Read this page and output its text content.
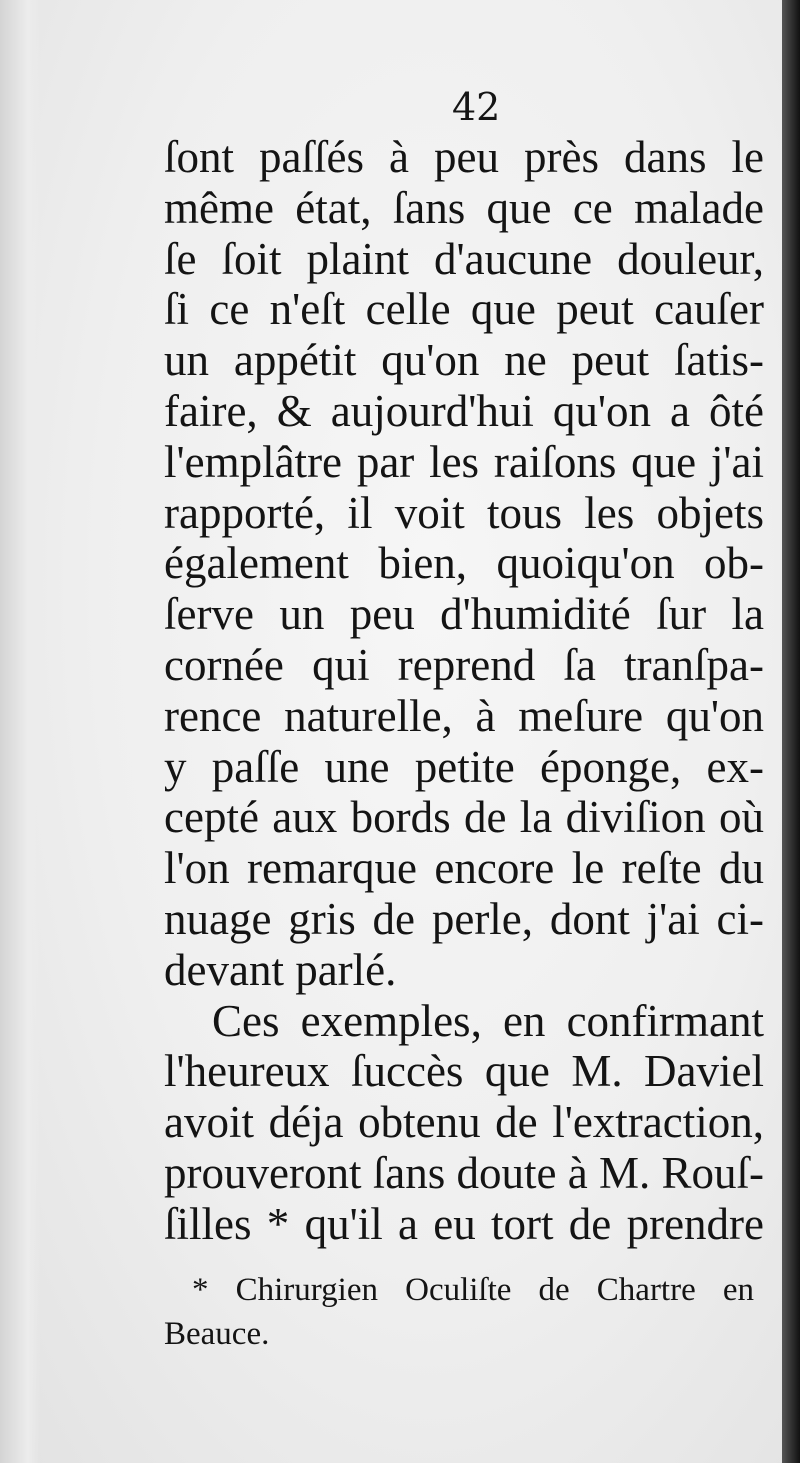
42
ſont paſſés à peu près dans le
même état, ſans que ce malade
ſe ſoit plaint d'aucune douleur,
ſi ce n'eſt celle que peut cauſer
un appétit qu'on ne peut ſatis-
faire, & aujourd'hui qu'on a ôté
l'emplâtre par les raiſons que j'ai
rapporté, il voit tous les objets
également bien, quoiqu'on ob-
ſerve un peu d'humidité ſur la
cornée qui reprend ſa tranſpa-
rence naturelle, à meſure qu'on
y paſſe une petite éponge, ex-
cepté aux bords de la diviſion où
l'on remarque encore le reſte du
nuage gris de perle, dont j'ai ci-
devant parlé.
Ces exemples, en confirmant
l'heureux ſuccès que M. Daviel
avoit déja obtenu de l'extraction,
prouveront ſans doute à M. Rouſ-
ſilles * qu'il a eu tort de prendre
* Chirurgien Oculiſte de Chartre en
Beauce.
